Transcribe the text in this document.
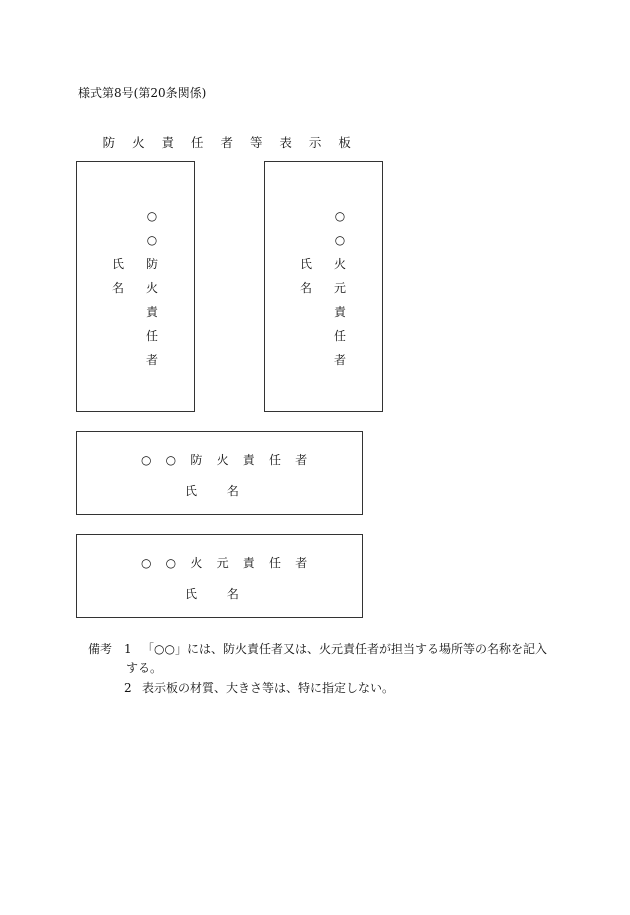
様式第8号(第20条関係)
防 火 責 任 者 等 表 示 板
○
○
防
火
責
任
者
氏
名
○
○
火
元
責
任
者
氏
名
○ ○ 防 火 責 任 者
氏 名
○ ○ 火 元 責 任 者
氏 名
備考 1 「○○」には、防火責任者又は、火元責任者が担当する場所等の名称を記入
する。
2 表示板の材質、大きさ等は、特に指定しない。
